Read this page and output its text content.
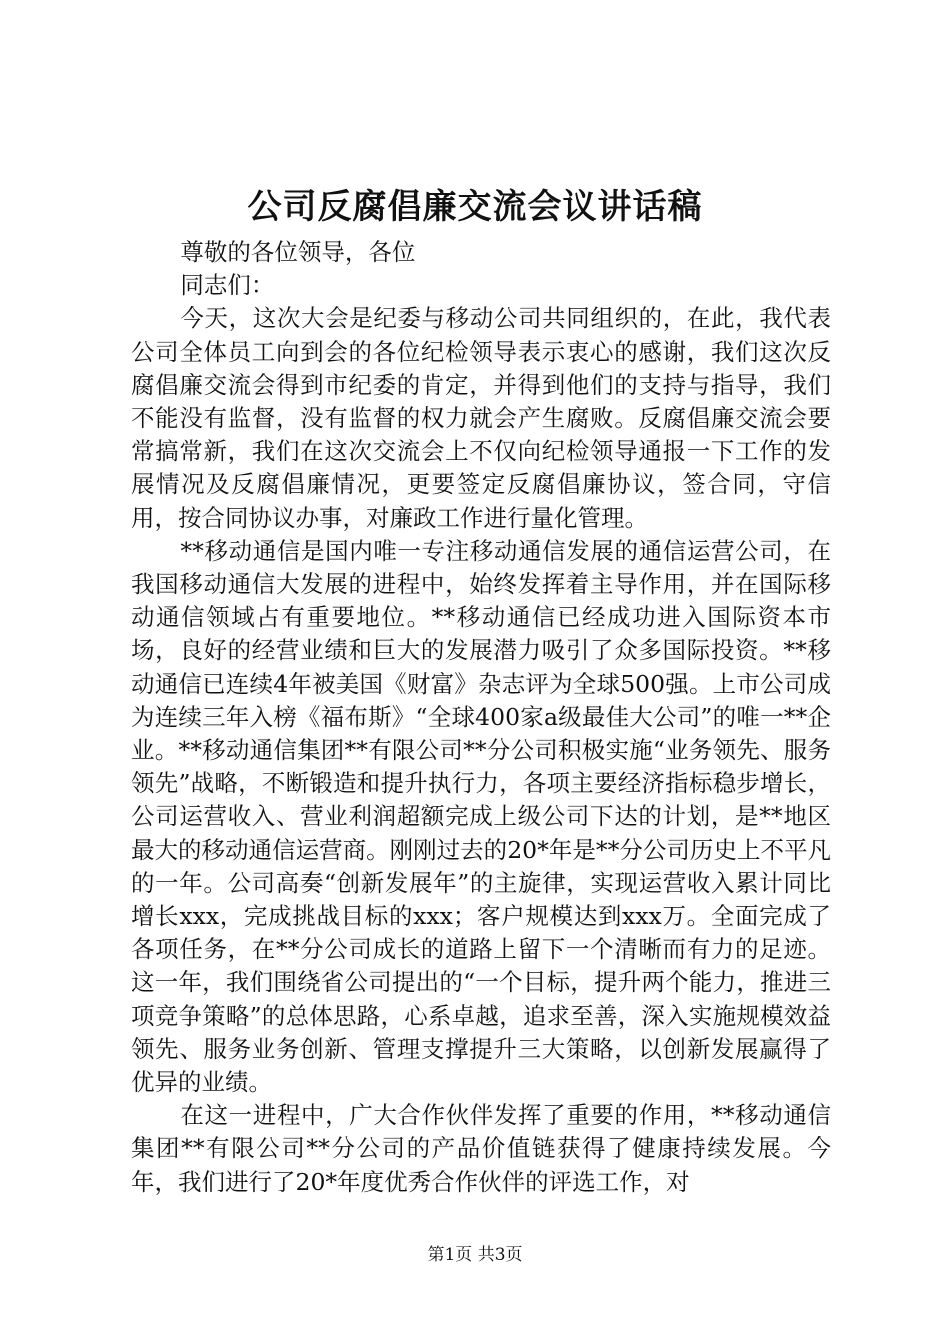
公司反腐倡廉交流会议讲话稿

尊敬的各位领导，各位

同志们：

今天，这次大会是纪委与移动公司共同组织的，在此，我代表公司全体员工向到会的各位纪检领导表示衷心的感谢，我们这次反腐倡廉交流会得到市纪委的肯定，并得到他们的支持与指导，我们不能没有监督，没有监督的权力就会产生腐败。反腐倡廉交流会要常搞常新，我们在这次交流会上不仅向纪检领导通报一下工作的发展情况及反腐倡廉情况，更要签定反腐倡廉协议，签合同，守信用，按合同协议办事，对廉政工作进行量化管理。

**移动通信是国内唯一专注移动通信发展的通信运营公司，在我国移动通信大发展的进程中，始终发挥着主导作用，并在国际移动通信领域占有重要地位。**移动通信已经成功进入国际资本市场，良好的经营业绩和巨大的发展潜力吸引了众多国际投资。**移动通信已连续4年被美国《财富》杂志评为全球500强。上市公司成为连续三年入榜《福布斯》“全球400家a级最佳大公司”的唯一**企业。**移动通信集团**有限公司**分公司积极实施“业务领先、服务领先”战略，不断锻造和提升执行力，各项主要经济指标稳步增长，公司运营收入、营业利润超额完成上级公司下达的计划，是**地区最大的移动通信运营商。刚刚过去的20*年是**分公司历史上不平凡的一年。公司高奏“创新发展年”的主旋律，实现运营收入累计同比增长xxx，完成挑战目标的xxx；客户规模达到xxx万。全面完成了各项任务，在**分公司成长的道路上留下一个清晰而有力的足迹。这一年，我们围绕省公司提出的“一个目标，提升两个能力，推进三项竞争策略”的总体思路，心系卓越，追求至善，深入实施规模效益领先、服务业务创新、管理支撑提升三大策略，以创新发展赢得了优异的业绩。

在这一进程中，广大合作伙伴发挥了重要的作用，**移动通信集团**有限公司**分公司的产品价值链获得了健康持续发展。今年，我们进行了20*年度优秀合作伙伴的评选工作，对

第1页 共3页
